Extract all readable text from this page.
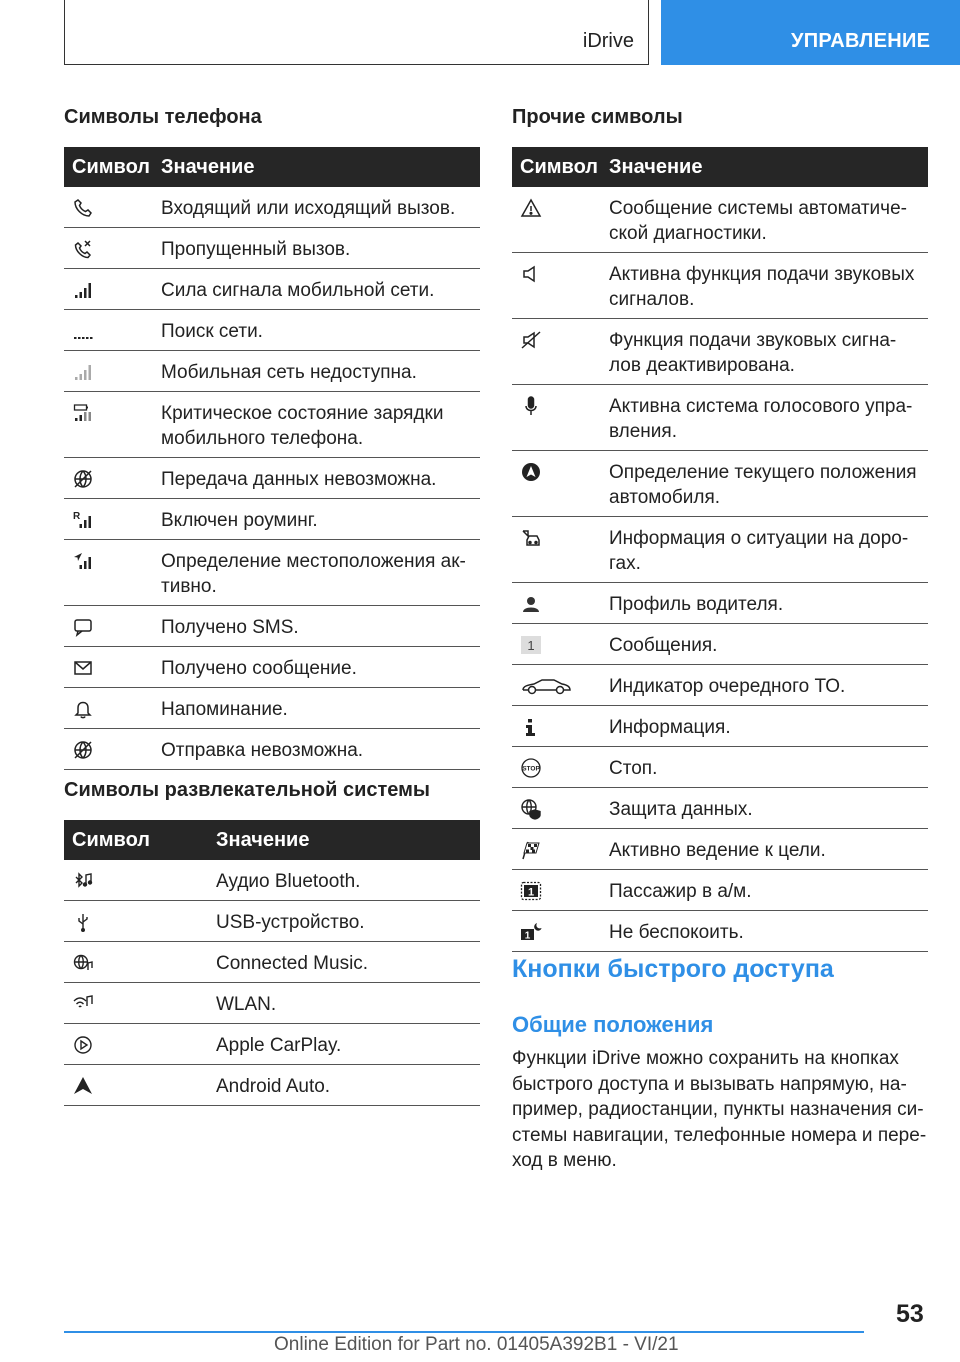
iDrive	УПРАВЛЕНИЕ
Символы телефона
Символ	Значение

	Входящий или исходящий вызов.

	Пропущенный вызов.

	Сила сигнала мобильной сети.

	Поиск сети.

	Мобильная сеть недоступна.

	Критическое состояние зарядки мобильного телефона.

	Передача данных невозможна.

R	Включен роуминг.

	Определение местоположения ак- тивно.

	Получено SMS.

	Получено сообщение.

	Напоминание.

	Отправка невозможна.
Символы развлекательной системы
Символ	Значение

	Аудио Bluetooth.

	USB-устройство.

	Connected Music.

	WLAN.

	Apple CarPlay.

	Android Auto.
Прочие символы
Символ	Значение

	Сообщение системы автоматиче- ской диагностики.

	Активна функция подачи звуковых сигналов.

	Функция подачи звуковых сигна- лов деактивирована.

	Активна система голосового упра- вления.

	Определение текущего положения автомобиля.

	Информация о ситуации на доро- гах.

	Профиль водителя.

1	Сообщения.

	Индикатор очередного ТО.

	Информация.

STOP	Стоп.

	Защита данных.

	Активно ведение к цели.

1	Пассажир в а/м.

1	Не беспокоить.
Кнопки быстрого доступа
Общие положения
Функции iDrive можно сохранить на кнопках быстрого доступа и вызывать напрямую, на- пример, радиостанции, пункты назначения си- стемы навигации, телефонные номера и пере- ход в меню.
53
Online Edition for Part no. 01405A392B1 - VI/21
